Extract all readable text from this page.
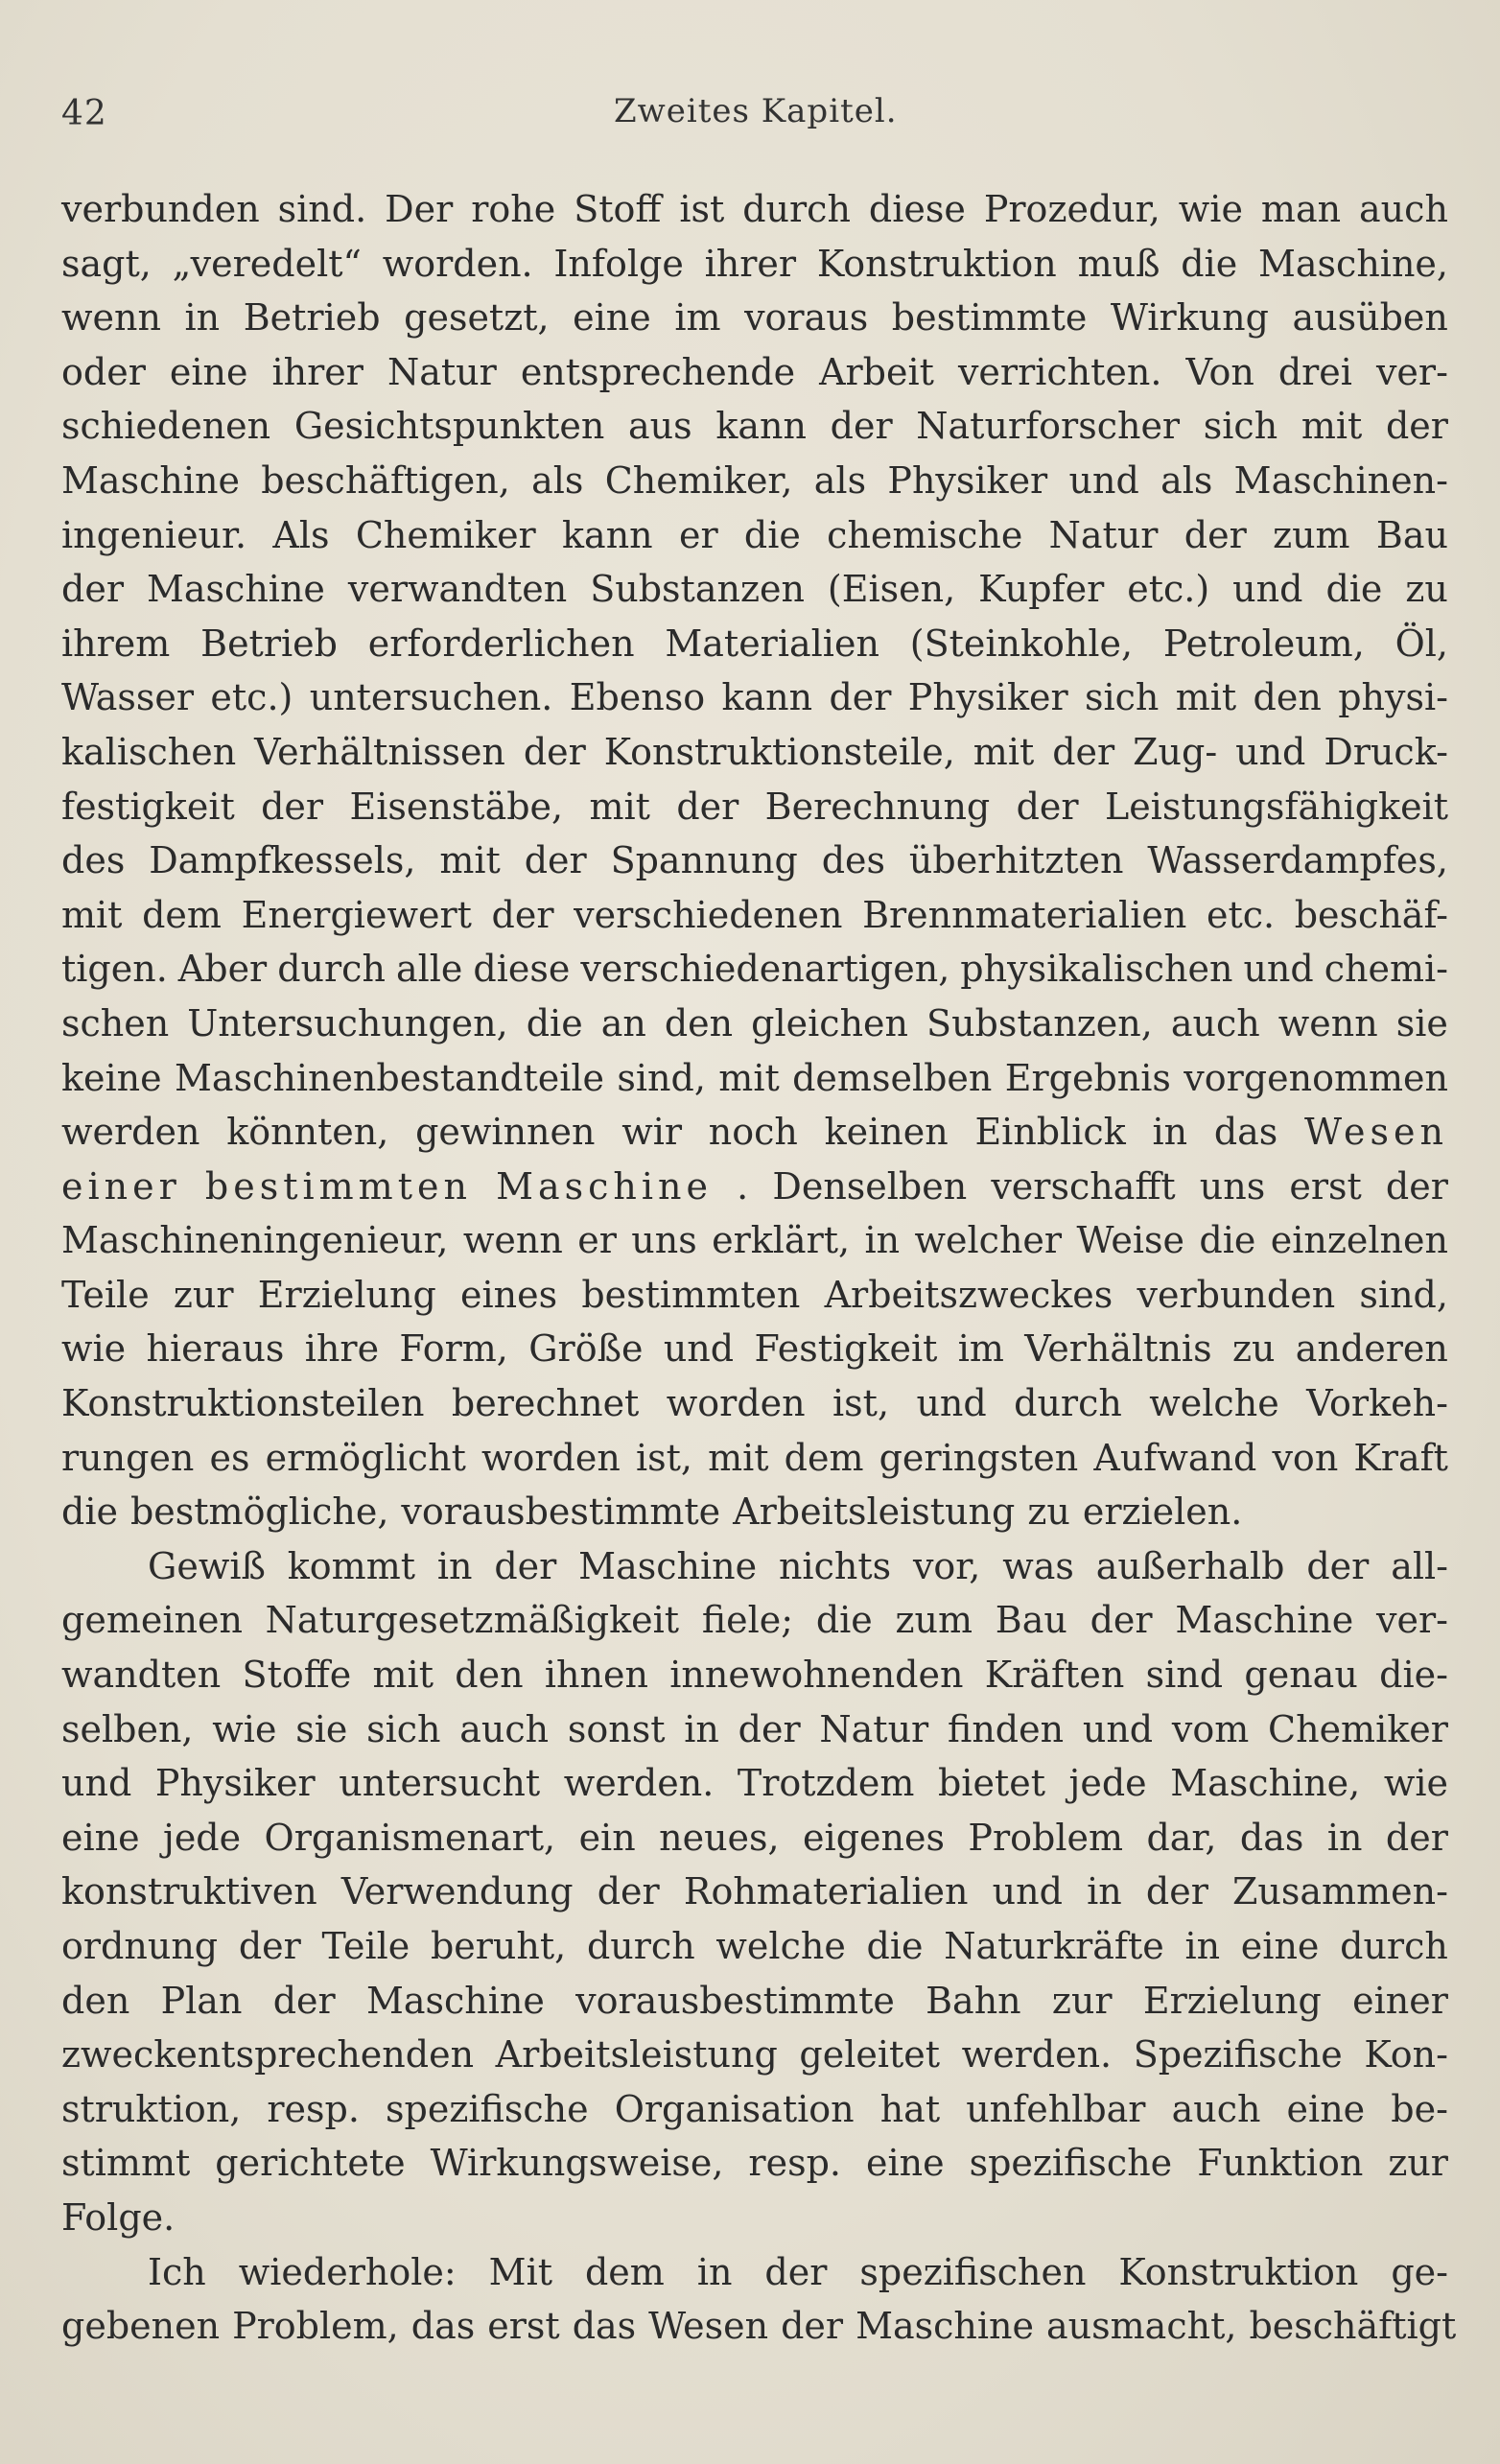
42	Zweites Kapitel.
verbunden sind. Der rohe Stoff ist durch diese Prozedur, wie man auch
sagt, „veredelt“ worden. Infolge ihrer Konstruktion muß die Maschine,
wenn in Betrieb gesetzt, eine im voraus bestimmte Wirkung ausüben
oder eine ihrer Natur entsprechende Arbeit verrichten. Von drei ver-
schiedenen Gesichtspunkten aus kann der Naturforscher sich mit der
Maschine beschäftigen, als Chemiker, als Physiker und als Maschinen-
ingenieur. Als Chemiker kann er die chemische Natur der zum Bau
der Maschine verwandten Substanzen (Eisen, Kupfer etc.) und die zu
ihrem Betrieb erforderlichen Materialien (Steinkohle, Petroleum, Öl,
Wasser etc.) untersuchen. Ebenso kann der Physiker sich mit den physi-
kalischen Verhältnissen der Konstruktionsteile, mit der Zug- und Druck-
festigkeit der Eisenstäbe, mit der Berechnung der Leistungsfähigkeit
des Dampfkessels, mit der Spannung des überhitzten Wasserdampfes,
mit dem Energiewert der verschiedenen Brennmaterialien etc. beschäf-
tigen. Aber durch alle diese verschiedenartigen, physikalischen und chemi-
schen Untersuchungen, die an den gleichen Substanzen, auch wenn sie
keine Maschinenbestandteile sind, mit demselben Ergebnis vorgenommen
werden könnten, gewinnen wir noch keinen Einblick in das Wesen
einer bestimmten Maschine . Denselben verschafft uns erst der
Maschineningenieur, wenn er uns erklärt, in welcher Weise die einzelnen
Teile zur Erzielung eines bestimmten Arbeitszweckes verbunden sind,
wie hieraus ihre Form, Größe und Festigkeit im Verhältnis zu anderen
Konstruktionsteilen berechnet worden ist, und durch welche Vorkeh-
rungen es ermöglicht worden ist, mit dem geringsten Aufwand von Kraft
die bestmögliche, vorausbestimmte Arbeitsleistung zu erzielen.
Gewiß kommt in der Maschine nichts vor, was außerhalb der all-
gemeinen Naturgesetzmäßigkeit fiele; die zum Bau der Maschine ver-
wandten Stoffe mit den ihnen innewohnenden Kräften sind genau die-
selben, wie sie sich auch sonst in der Natur finden und vom Chemiker
und Physiker untersucht werden. Trotzdem bietet jede Maschine, wie
eine jede Organismenart, ein neues, eigenes Problem dar, das in der
konstruktiven Verwendung der Rohmaterialien und in der Zusammen-
ordnung der Teile beruht, durch welche die Naturkräfte in eine durch
den Plan der Maschine vorausbestimmte Bahn zur Erzielung einer
zweckentsprechenden Arbeitsleistung geleitet werden. Spezifische Kon-
struktion, resp. spezifische Organisation hat unfehlbar auch eine be-
stimmt gerichtete Wirkungsweise, resp. eine spezifische Funktion zur
Folge.
Ich wiederhole: Mit dem in der spezifischen Konstruktion ge-
gebenen Problem, das erst das Wesen der Maschine ausmacht, beschäftigt
